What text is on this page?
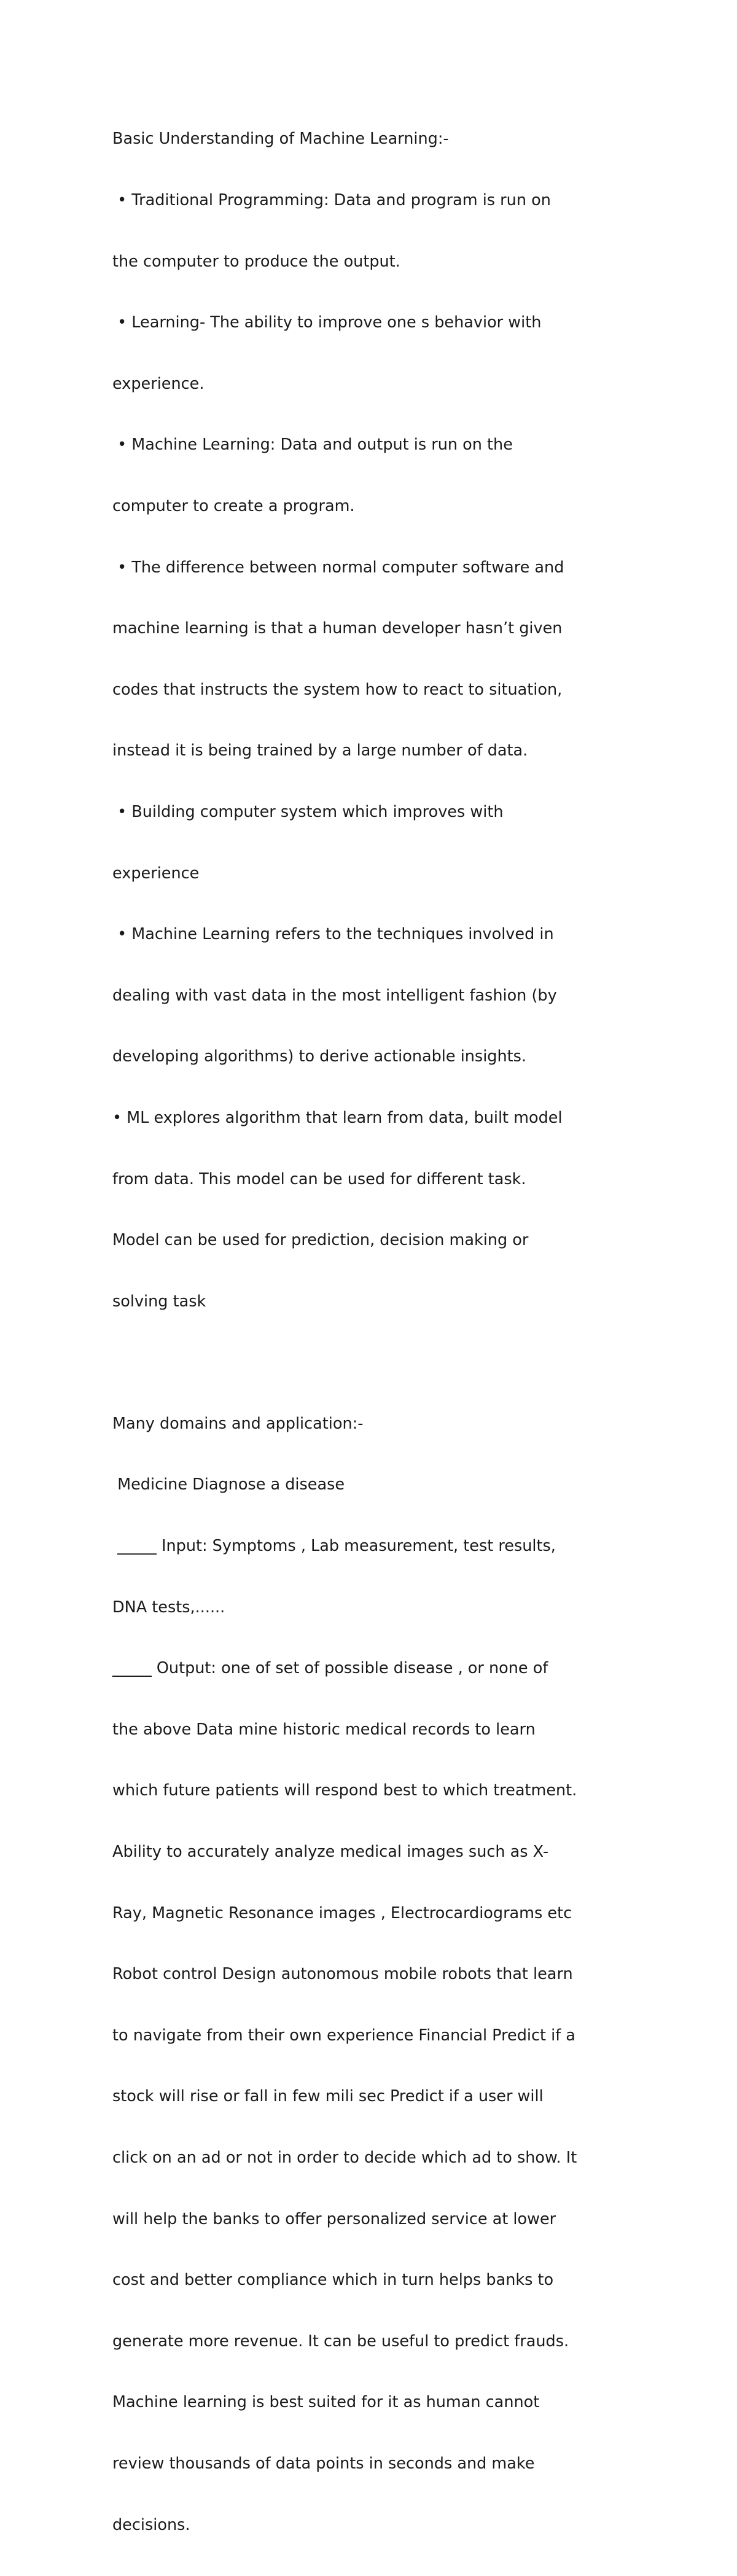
Basic Understanding of Machine Learning:-

• Traditional Programming: Data and program is run on

the computer to produce the output.

• Learning- The ability to improve one s behavior with

experience.

• Machine Learning: Data and output is run on the

computer to create a program.

• The difference between normal computer software and

machine learning is that a human developer hasn’t given

codes that instructs the system how to react to situation,

instead it is being trained by a large number of data.

• Building computer system which improves with

experience

• Machine Learning refers to the techniques involved in

dealing with vast data in the most intelligent fashion (by

developing algorithms) to derive actionable insights.

• ML explores algorithm that learn from data, built model

from data. This model can be used for different task.

Model can be used for prediction, decision making or

solving task

Many domains and application:-

Medicine Diagnose a disease

_____ Input: Symptoms , Lab measurement, test results,

DNA tests,......

_____ Output: one of set of possible disease , or none of

the above Data mine historic medical records to learn

which future patients will respond best to which treatment.

Ability to accurately analyze medical images such as X-

Ray, Magnetic Resonance images , Electrocardiograms etc

Robot control Design autonomous mobile robots that learn

to navigate from their own experience Financial Predict if a

stock will rise or fall in few mili sec Predict if a user will

click on an ad or not in order to decide which ad to show. It

will help the banks to offer personalized service at lower

cost and better compliance which in turn helps banks to

generate more revenue. It can be useful to predict frauds.

Machine learning is best suited for it as human cannot

review thousands of data points in seconds and make

decisions.
